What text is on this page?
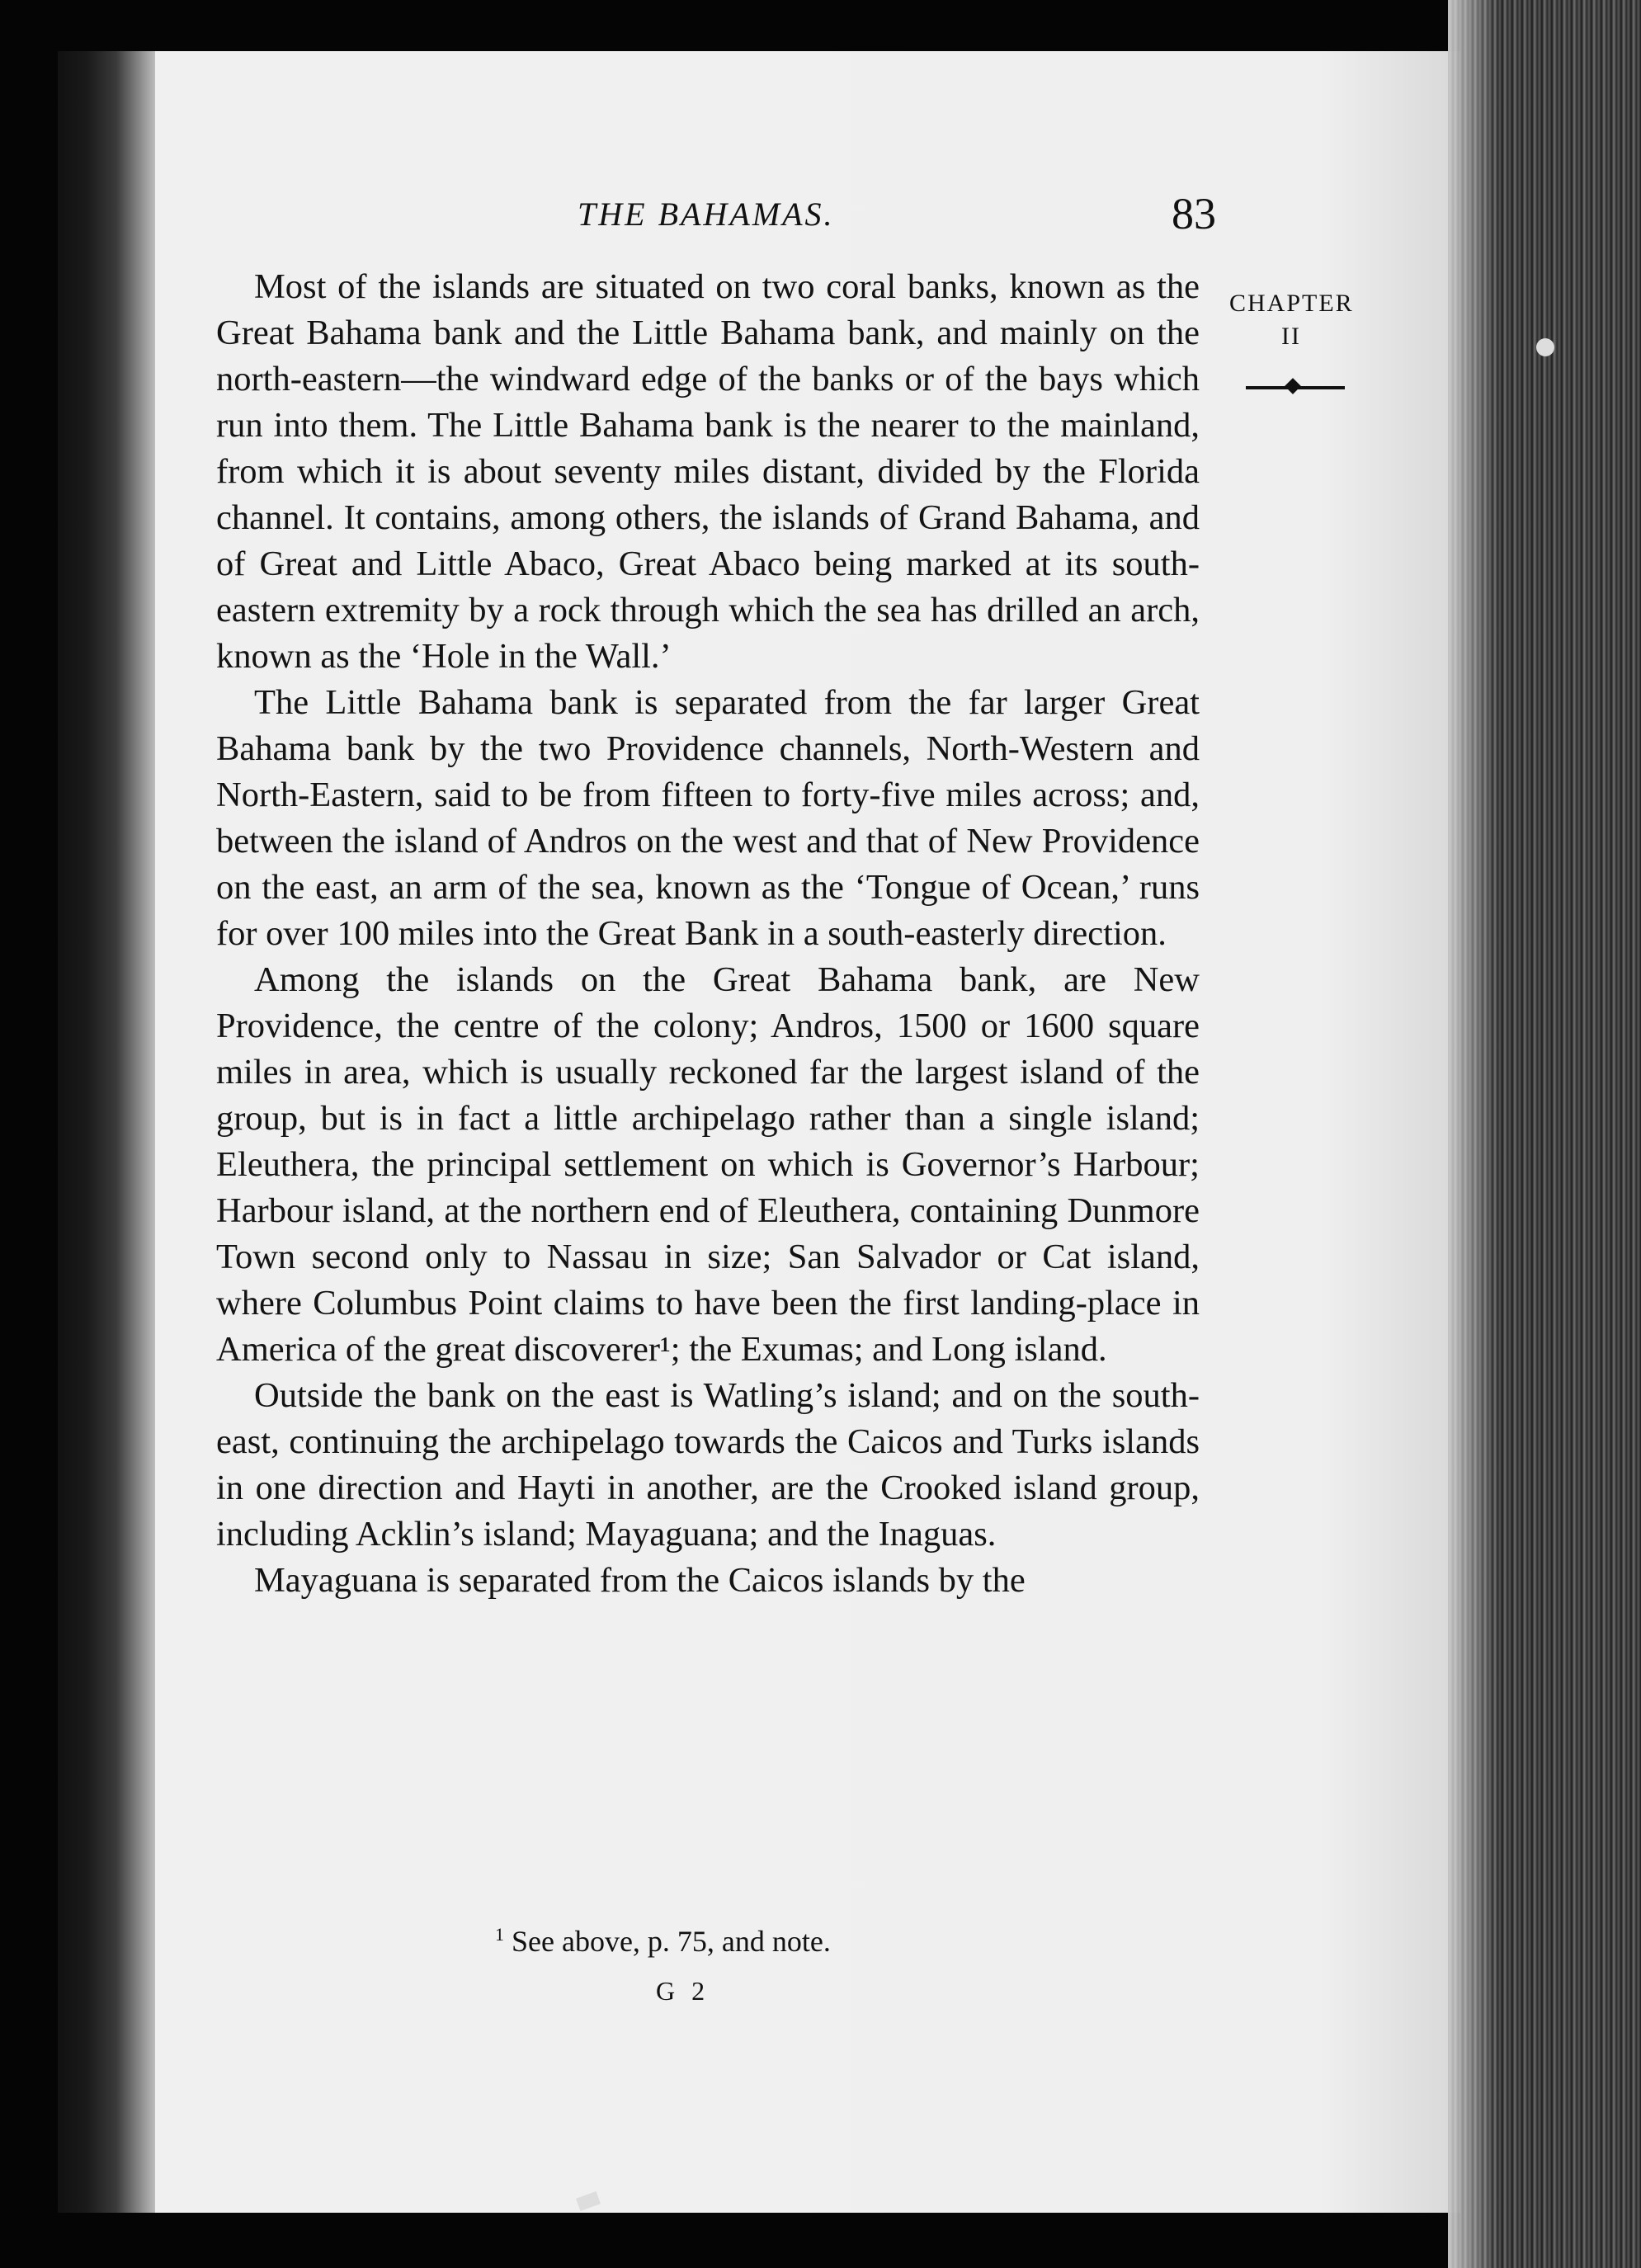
THE BAHAMAS.	83
CHAPTER
II

Most of the islands are situated on two coral banks, known as the Great Bahama bank and the Little Bahama bank, and mainly on the north-eastern—the windward edge of the banks or of the bays which run into them. The Little Bahama bank is the nearer to the mainland, from which it is about seventy miles distant, divided by the Florida channel. It contains, among others, the islands of Grand Bahama, and of Great and Little Abaco, Great Abaco being marked at its south-eastern extremity by a rock through which the sea has drilled an arch, known as the ‘Hole in the Wall.’

The Little Bahama bank is separated from the far larger Great Bahama bank by the two Providence channels, North-Western and North-Eastern, said to be from fifteen to forty-five miles across; and, between the island of Andros on the west and that of New Providence on the east, an arm of the sea, known as the ‘Tongue of Ocean,’ runs for over 100 miles into the Great Bank in a south-easterly direction.

Among the islands on the Great Bahama bank, are New Providence, the centre of the colony; Andros, 1500 or 1600 square miles in area, which is usually reckoned far the largest island of the group, but is in fact a little archipelago rather than a single island; Eleuthera, the principal settlement on which is Governor’s Harbour; Harbour island, at the northern end of Eleuthera, containing Dunmore Town second only to Nassau in size; San Salvador or Cat island, where Columbus Point claims to have been the first landing-place in America of the great discoverer¹; the Exumas; and Long island.

Outside the bank on the east is Watling’s island; and on the south-east, continuing the archipelago towards the Caicos and Turks islands in one direction and Hayti in another, are the Crooked island group, including Acklin’s island; Mayaguana; and the Inaguas.

Mayaguana is separated from the Caicos islands by the

$^1$ See above, p. 75, and note.
G 2
